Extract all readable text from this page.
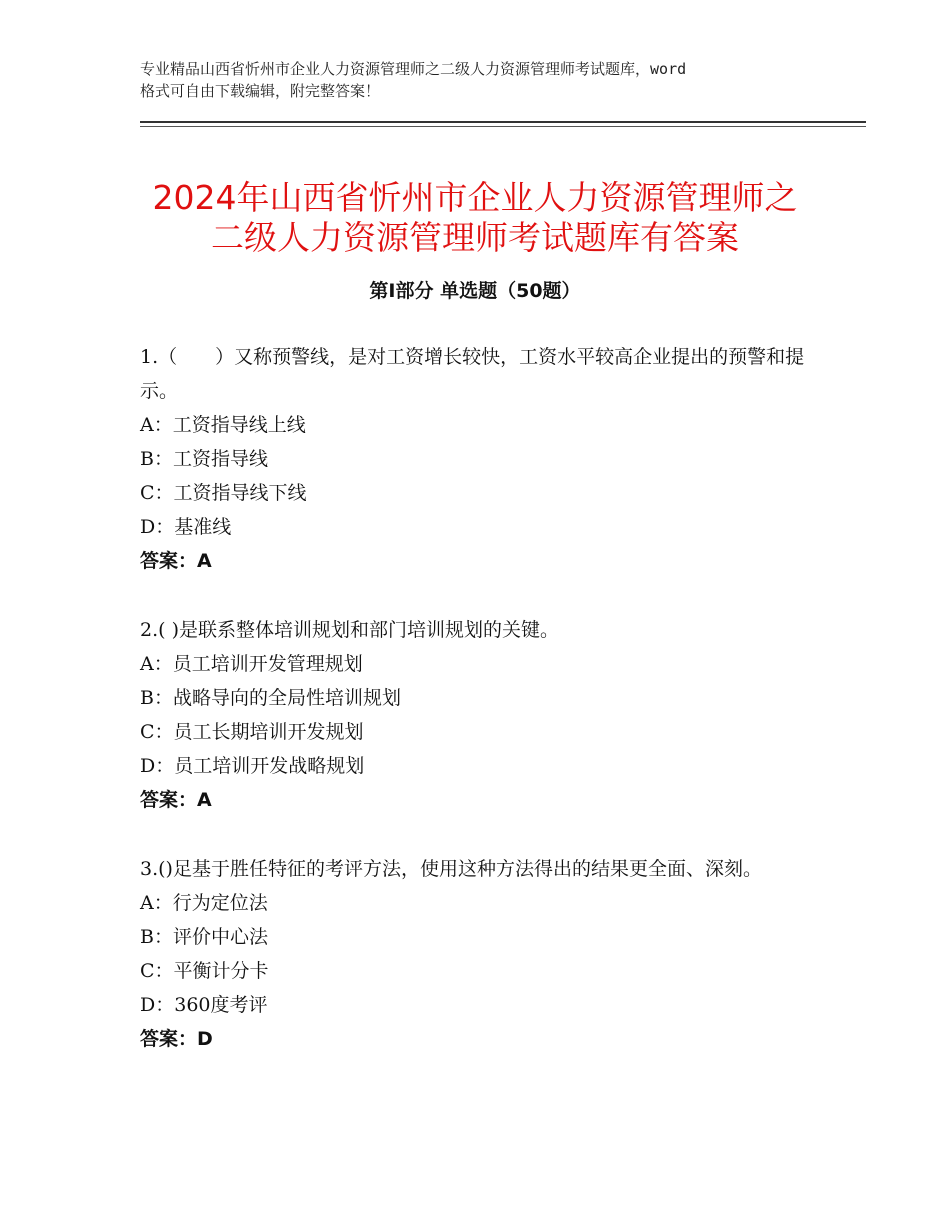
专业精品山西省忻州市企业人力资源管理师之二级人力资源管理师考试题库，word
格式可自由下载编辑，附完整答案！
2024年山西省忻州市企业人力资源管理师之
二级人力资源管理师考试题库有答案
第Ⅰ部分 单选题（50题）

1.（　　）又称预警线，是对工资增长较快，工资水平较高企业提出的预警和提示。

A：工资指导线上线

B：工资指导线

C：工资指导线下线

D：基准线

答案：A

2.( )是联系整体培训规划和部门培训规划的关键。

A：员工培训开发管理规划

B：战略导向的全局性培训规划

C：员工长期培训开发规划

D：员工培训开发战略规划

答案：A

3.()足基于胜任特征的考评方法，使用这种方法得出的结果更全面、深刻。

A：行为定位法

B：评价中心法

C：平衡计分卡

D：360度考评

答案：D
